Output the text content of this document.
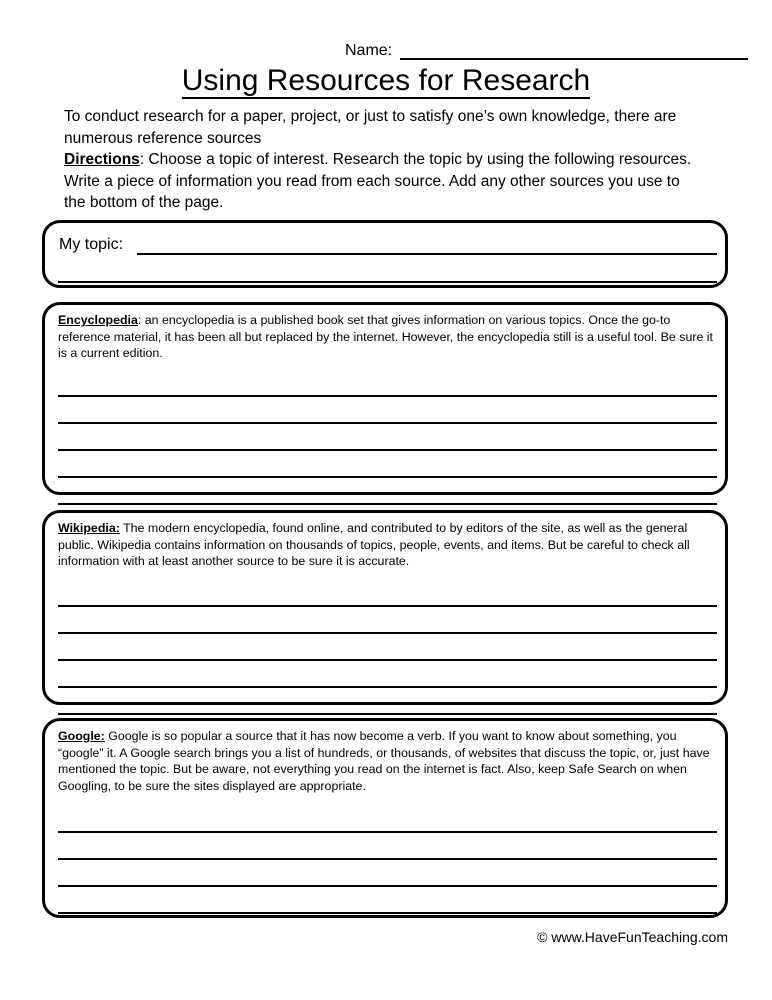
Name:
Using Resources for Research

To conduct research for a paper, project, or just to satisfy one’s own knowledge, there are numerous reference sources

Directions: Choose a topic of interest. Research the topic by using the following resources. Write a piece of information you read from each source. Add any other sources you use to the bottom of the page.

My topic:

Encyclopedia: an encyclopedia is a published book set that gives information on various topics. Once the go-to reference material, it has been all but replaced by the internet. However, the encyclopedia still is a useful tool. Be sure it is a current edition.

Wikipedia: The modern encyclopedia, found online, and contributed to by editors of the site, as well as the general public. Wikipedia contains information on thousands of topics, people, events, and items. But be careful to check all information with at least another source to be sure it is accurate.

Google: Google is so popular a source that it has now become a verb. If you want to know about something, you “google” it. A Google search brings you a list of hundreds, or thousands, of websites that discuss the topic, or, just have mentioned the topic. But be aware, not everything you read on the internet is fact. Also, keep Safe Search on when Googling, to be sure the sites displayed are appropriate.

© www.HaveFunTeaching.com
